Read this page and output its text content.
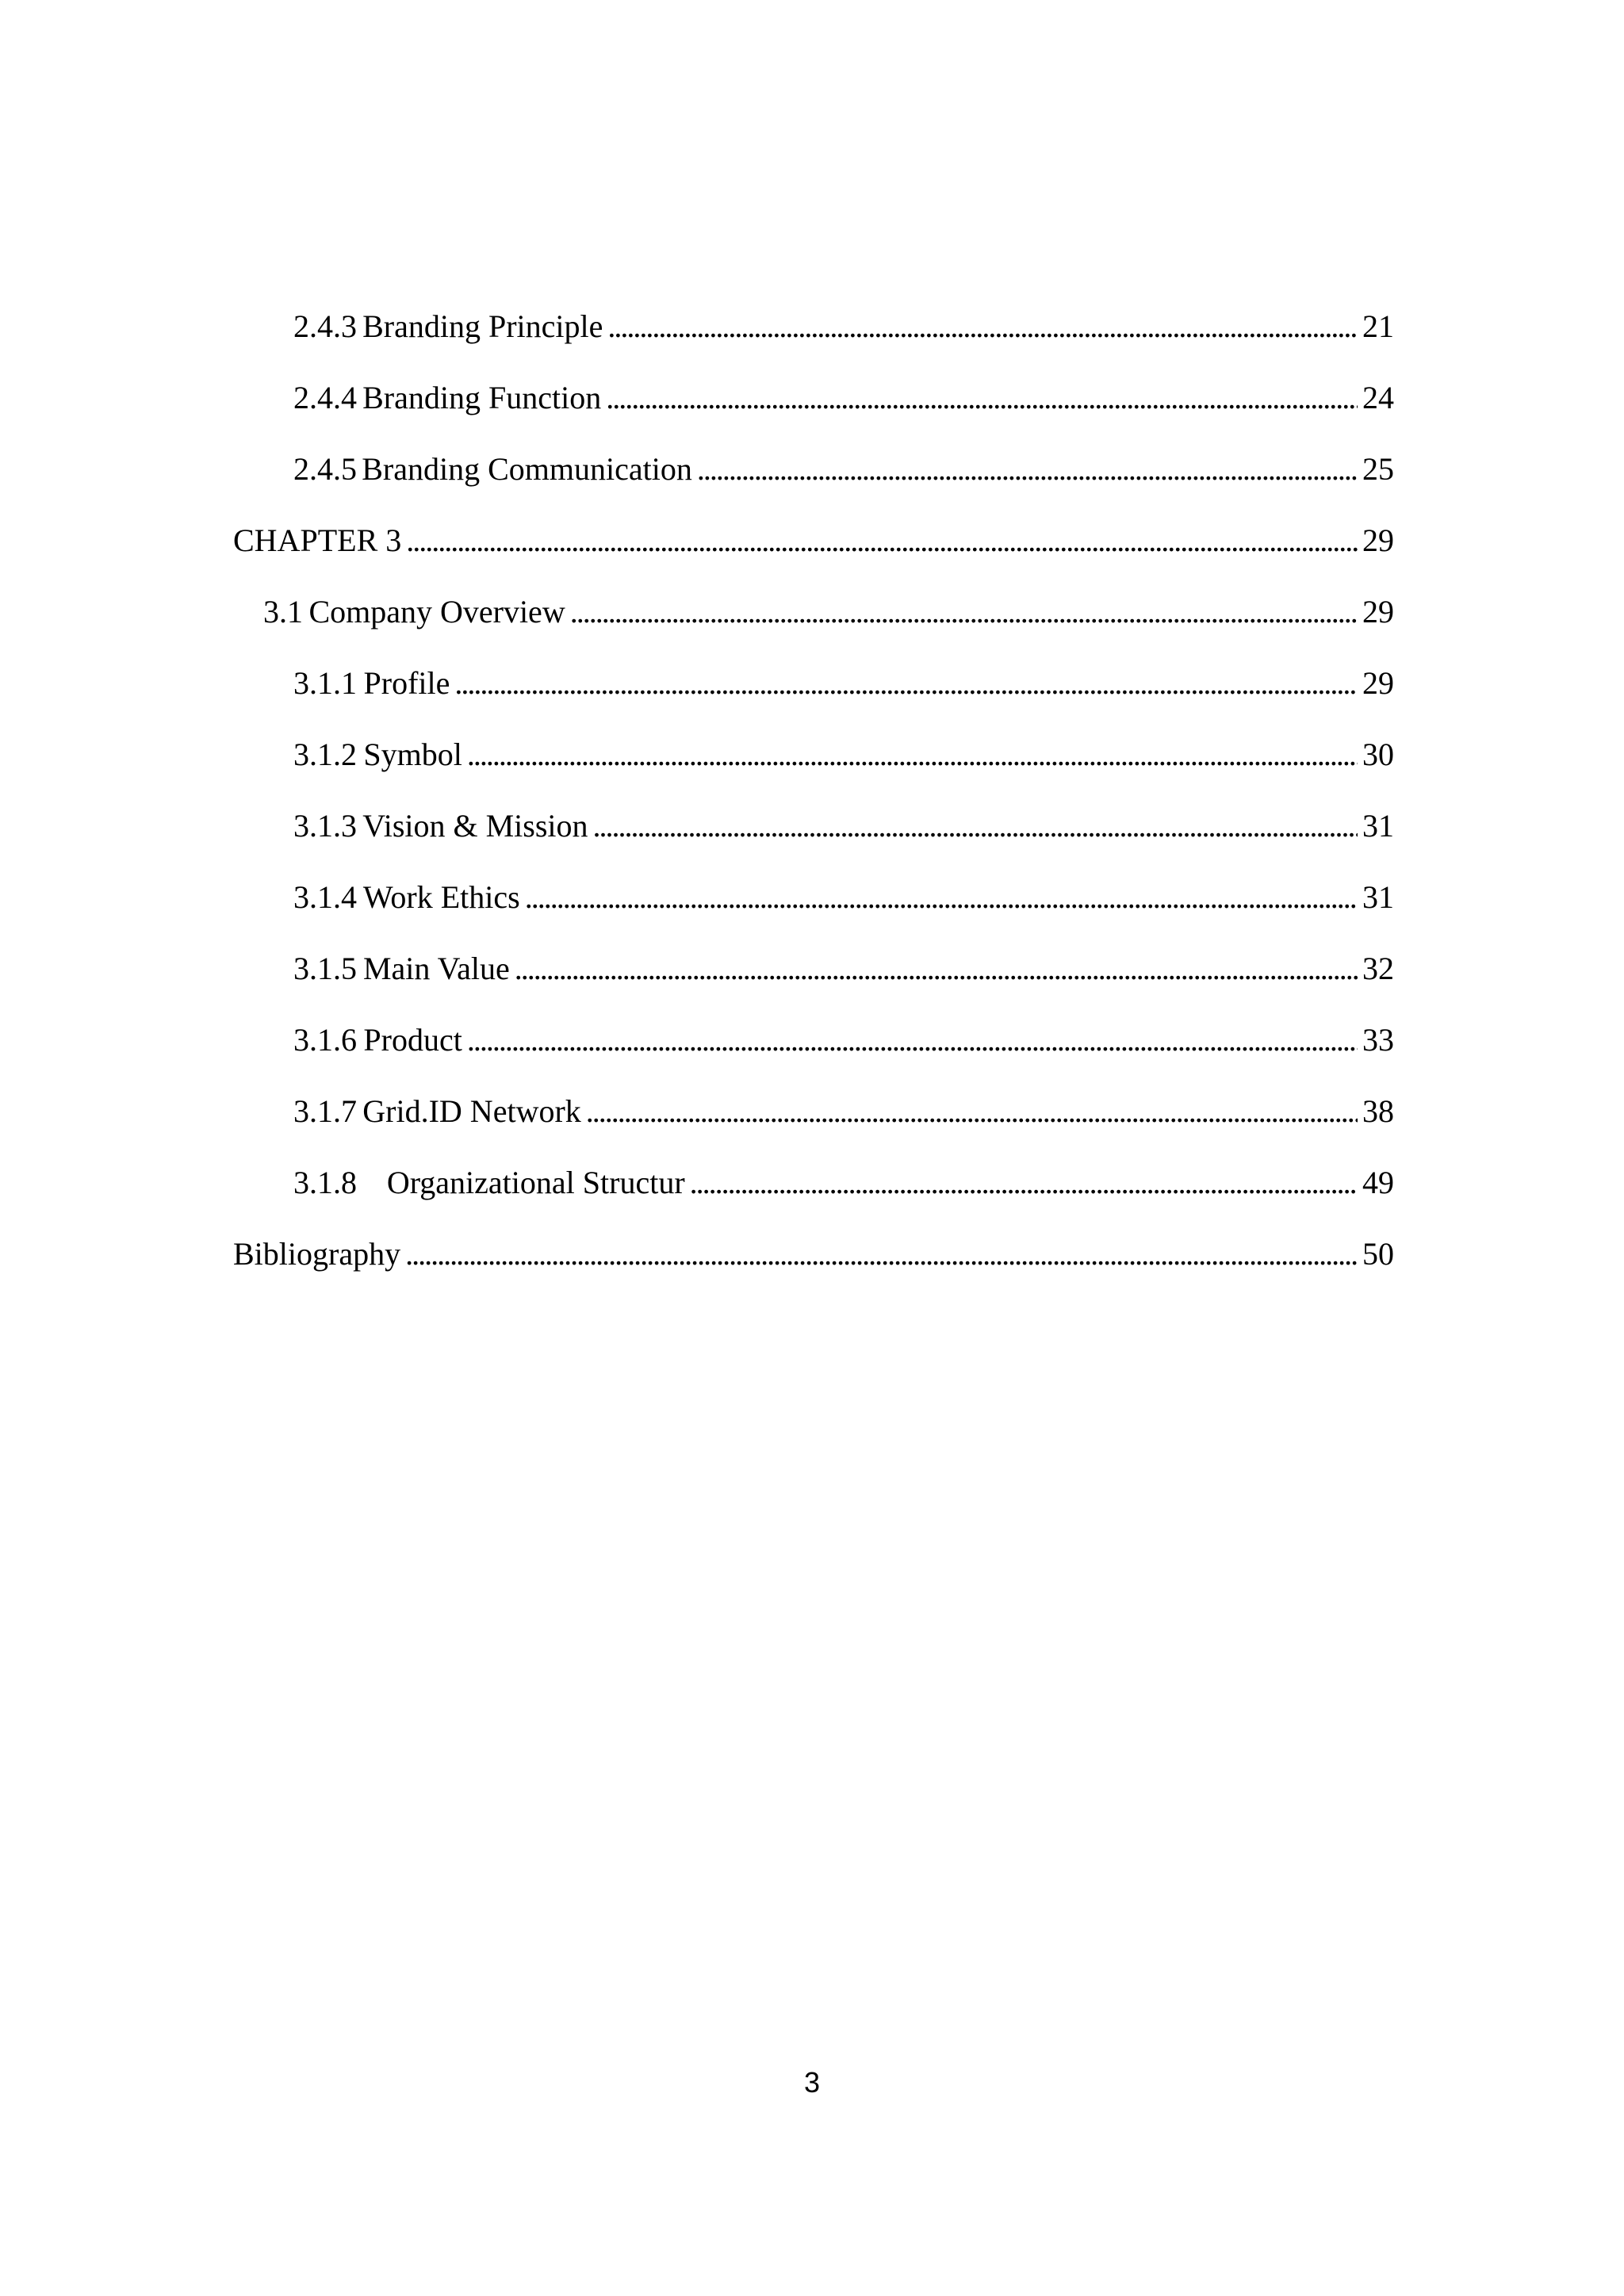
2.4.3 Branding Principle . . .	21
2.4.4 Branding Function . . .	24
2.4.5 Branding Communication . . .	25
CHAPTER 3 . . .	29
3.1 Company Overview . . .	29
3.1.1 Profile . . .	29
3.1.2 Symbol . . .	30
3.1.3 Vision & Mission . . .	31
3.1.4 Work Ethics . . .	31
3.1.5 Main Value . . .	32
3.1.6 Product . . .	33
3.1.7 Grid.ID Network . . .	38
3.1.8 Organizational Structur . . .	49
Bibliography . . .	50
3
